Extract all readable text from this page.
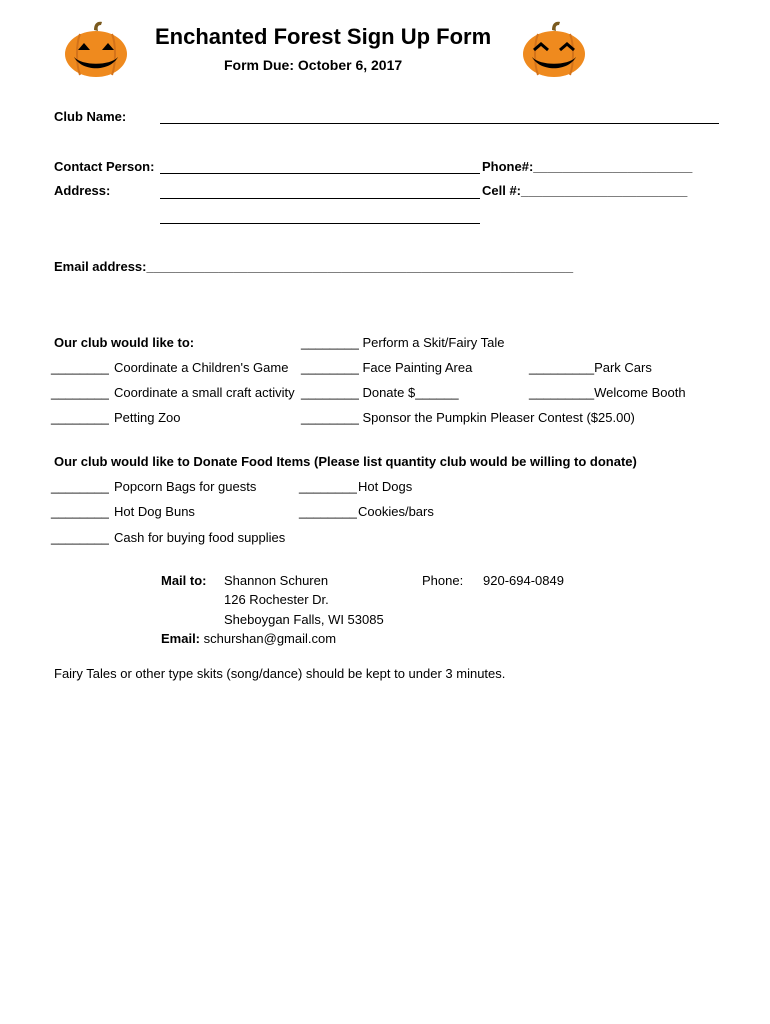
Enchanted Forest Sign Up Form
Form Due: October 6, 2017
Club Name:
Contact Person:	Phone#:______________________
Address:	Cell #:_______________________
Email address:___________________________________________________________
Our club would like to:	________ Perform a Skit/Fairy Tale
________ Coordinate a Children's Game ________ Face Painting Area	_________Park Cars
________ Coordinate a small craft activity ________ Donate $______	_________Welcome Booth
________ Petting Zoo	________ Sponsor the Pumpkin Pleaser Contest ($25.00)
Our club would like to Donate Food Items (Please list quantity club would be willing to donate)
________ Popcorn Bags for guests	________ Hot Dogs
________ Hot Dog Buns	________ Cookies/bars
________ Cash for buying food supplies
Mail to: Shannon Schuren	Phone: 920-694-0849
126 Rochester Dr.
Sheboygan Falls, WI 53085
Email: schurshan@gmail.com
Fairy Tales or other type skits (song/dance) should be kept to under 3 minutes.
